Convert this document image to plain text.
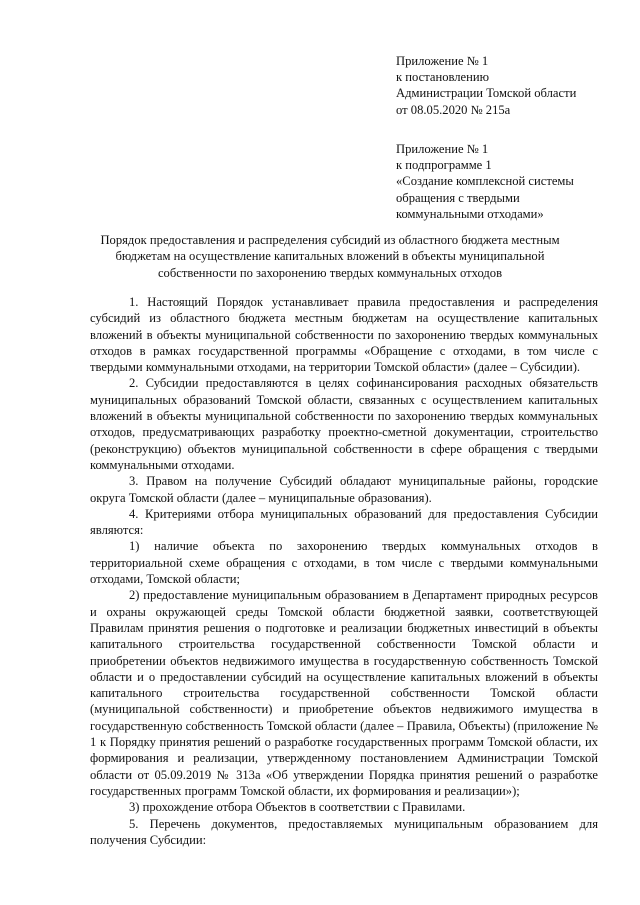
Приложение № 1
к постановлению
Администрации Томской области
от 08.05.2020 № 215а
Приложение № 1
к подпрограмме 1
«Создание комплексной системы
обращения с твердыми
коммунальными отходами»
Порядок предоставления и распределения субсидий из областного бюджета местным
бюджетам на осуществление капитальных вложений в объекты муниципальной
собственности по захоронению твердых коммунальных отходов

1. Настоящий Порядок устанавливает правила предоставления и распределения субсидий из областного бюджета местным бюджетам на осуществление капитальных вложений в объекты муниципальной собственности по захоронению твердых коммунальных отходов в рамках государственной программы «Обращение с отходами, в том числе с твердыми коммунальными отходами, на территории Томской области» (далее – Субсидии).

2. Субсидии предоставляются в целях софинансирования расходных обязательств муниципальных образований Томской области, связанных с осуществлением капитальных вложений в объекты муниципальной собственности по захоронению твердых коммунальных отходов, предусматривающих разработку проектно-сметной документации, строительство (реконструкцию) объектов муниципальной собственности в сфере обращения с твердыми коммунальными отходами.

3. Правом на получение Субсидий обладают муниципальные районы, городские округа Томской области (далее – муниципальные образования).

4. Критериями отбора муниципальных образований для предоставления Субсидии являются:

1) наличие объекта по захоронению твердых коммунальных отходов в территориальной схеме обращения с отходами, в том числе с твердыми коммунальными отходами, Томской области;

2) предоставление муниципальным образованием в Департамент природных ресурсов и охраны окружающей среды Томской области бюджетной заявки, соответствующей Правилам принятия решения о подготовке и реализации бюджетных инвестиций в объекты капитального строительства государственной собственности Томской области и приобретении объектов недвижимого имущества в государственную собственность Томской области и о предоставлении субсидий на осуществление капитальных вложений в объекты капитального строительства государственной собственности Томской области (муниципальной собственности) и приобретение объектов недвижимого имущества в государственную собственность Томской области (далее – Правила, Объекты) (приложение № 1 к Порядку принятия решений о разработке государственных программ Томской области, их формирования и реализации, утвержденному постановлением Администрации Томской области от 05.09.2019 № 313а «Об утверждении Порядка принятия решений о разработке государственных программ Томской области, их формирования и реализации»);

3) прохождение отбора Объектов в соответствии с Правилами.

5. Перечень документов, предоставляемых муниципальным образованием для получения Субсидии:
